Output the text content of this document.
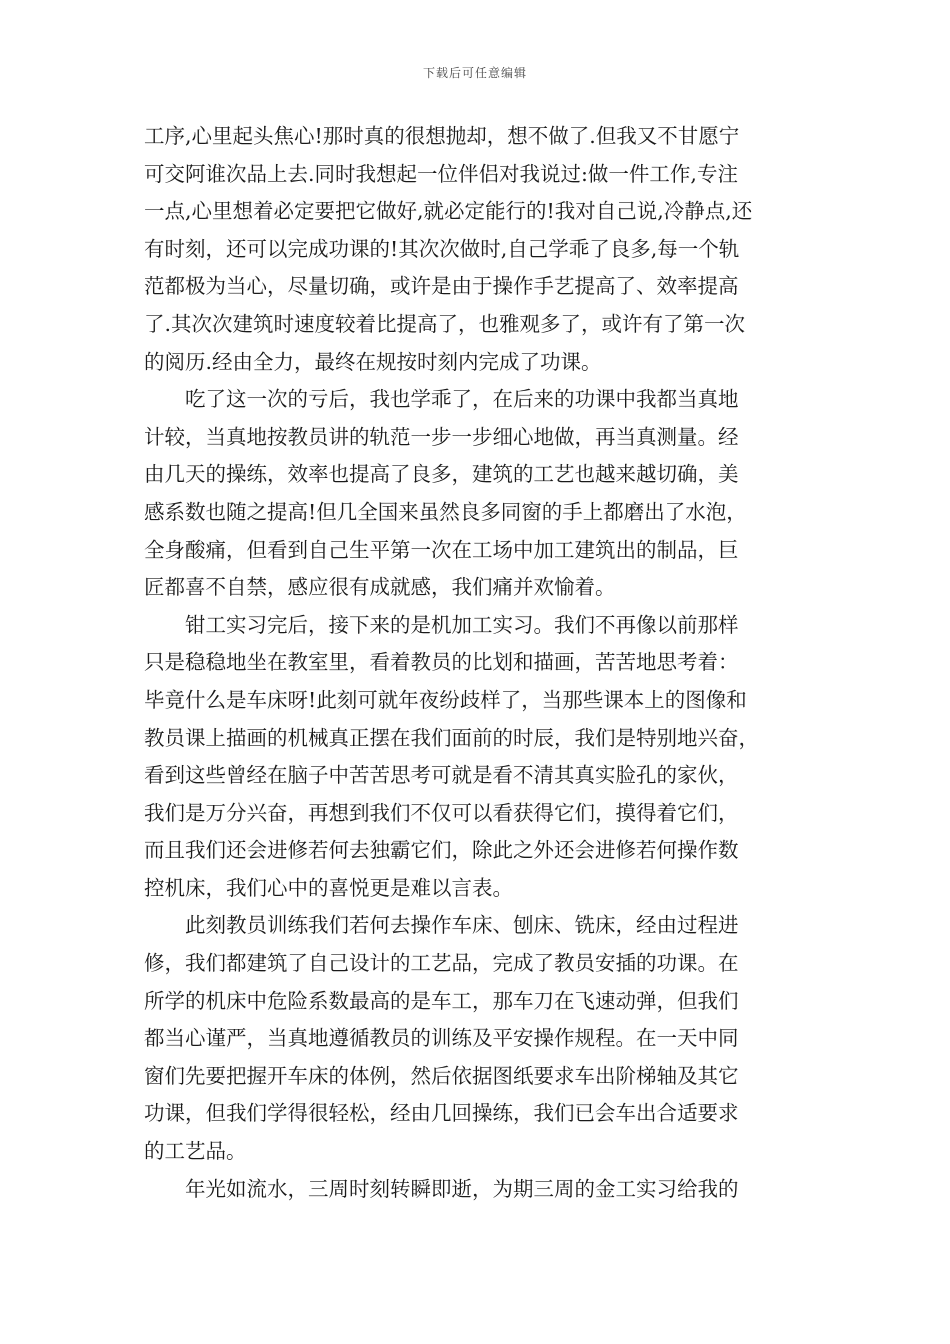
下载后可任意编辑
工序,心里起头焦心!那时真的很想抛却，想不做了.但我又不甘愿宁
可交阿谁次品上去.同时我想起一位伴侣对我说过:做一件工作,专注
一点,心里想着必定要把它做好,就必定能行的!我对自己说,冷静点,还
有时刻，还可以完成功课的!其次次做时,自己学乖了良多,每一个轨
范都极为当心，尽量切确，或许是由于操作手艺提高了、效率提高
了.其次次建筑时速度较着比提高了，也雅观多了，或许有了第一次
的阅历.经由全力，最终在规按时刻内完成了功课。
吃了这一次的亏后，我也学乖了，在后来的功课中我都当真地
计较，当真地按教员讲的轨范一步一步细心地做，再当真测量。经
由几天的操练，效率也提高了良多，建筑的工艺也越来越切确，美
感系数也随之提高!但几全国来虽然良多同窗的手上都磨出了水泡，
全身酸痛，但看到自己生平第一次在工场中加工建筑出的制品，巨
匠都喜不自禁，感应很有成就感，我们痛并欢愉着。
钳工实习完后，接下来的是机加工实习。我们不再像以前那样
只是稳稳地坐在教室里，看着教员的比划和描画，苦苦地思考着：
毕竟什么是车床呀!此刻可就年夜纷歧样了，当那些课本上的图像和
教员课上描画的机械真正摆在我们面前的时辰，我们是特别地兴奋，
看到这些曾经在脑子中苦苦思考可就是看不清其真实脸孔的家伙，
我们是万分兴奋，再想到我们不仅可以看获得它们，摸得着它们，
而且我们还会进修若何去独霸它们，除此之外还会进修若何操作数
控机床，我们心中的喜悦更是难以言表。
此刻教员训练我们若何去操作车床、刨床、铣床，经由过程进
修，我们都建筑了自己设计的工艺品，完成了教员安插的功课。在
所学的机床中危险系数最高的是车工，那车刀在飞速动弹，但我们
都当心谨严，当真地遵循教员的训练及平安操作规程。在一天中同
窗们先要把握开车床的体例，然后依据图纸要求车出阶梯轴及其它
功课，但我们学得很轻松，经由几回操练，我们已会车出合适要求
的工艺品。
年光如流水，三周时刻转瞬即逝，为期三周的金工实习给我的
